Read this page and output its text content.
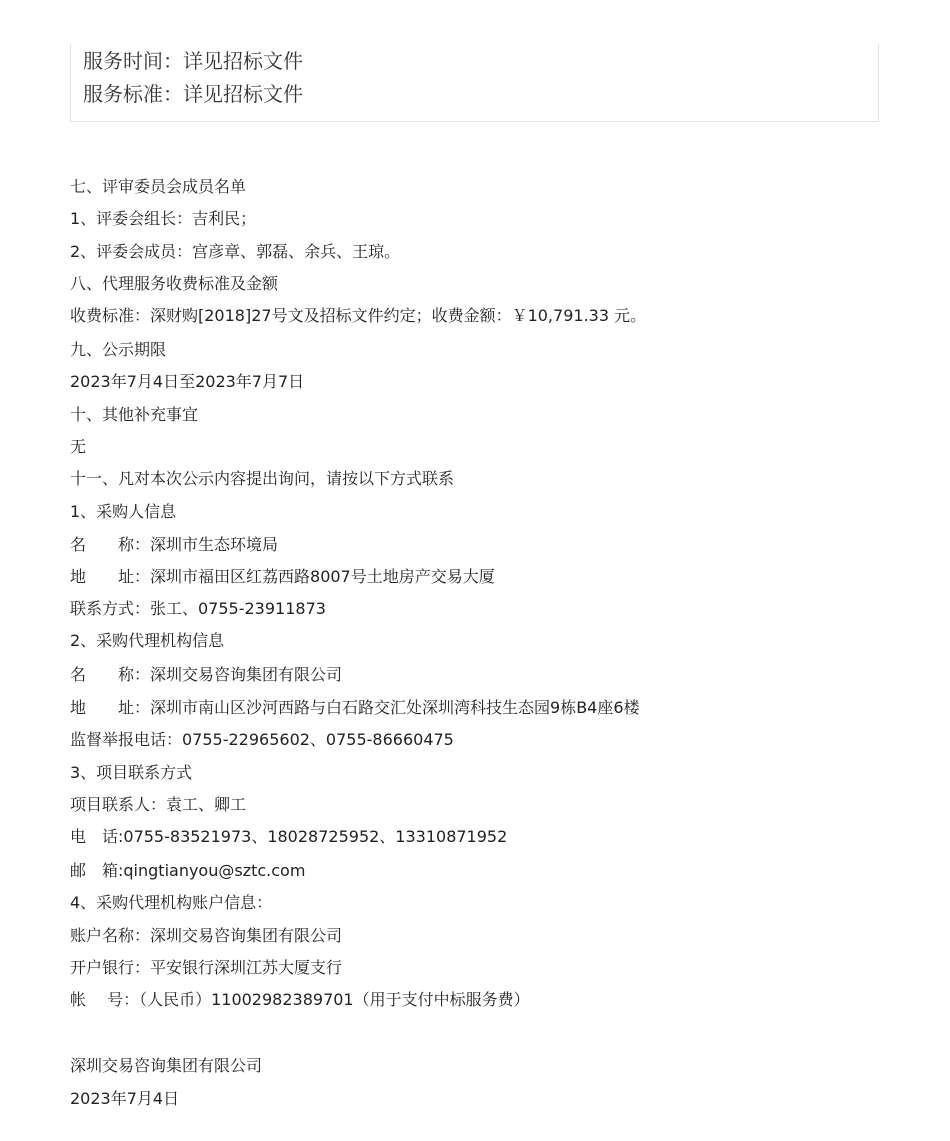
服务时间：详见招标文件
服务标准：详见招标文件
七、评审委员会成员名单
1、评委会组长：吉利民；
2、评委会成员：宫彦章、郭磊、余兵、王琼。
八、代理服务收费标准及金额
收费标准：深财购[2018]27号文及招标文件约定；收费金额：￥10,791.33 元。
九、公示期限
2023年7月4日至2023年7月7日
十、其他补充事宜
无
十一、凡对本次公示内容提出询问，请按以下方式联系
1、采购人信息
名　　称：深圳市生态环境局
地　　址：深圳市福田区红荔西路8007号土地房产交易大厦
联系方式：张工、0755-23911873
2、采购代理机构信息
名　　称：深圳交易咨询集团有限公司
地　　址：深圳市南山区沙河西路与白石路交汇处深圳湾科技生态园9栋B4座6楼
监督举报电话：0755-22965602、0755-86660475
3、项目联系方式
项目联系人：袁工、卿工
电　话:0755-83521973、18028725952、13310871952
邮　箱:qingtianyou@sztc.com
4、采购代理机构账户信息：
账户名称：深圳交易咨询集团有限公司
开户银行：平安银行深圳江苏大厦支行
帐　 号：（人民币）11002982389701（用于支付中标服务费）
深圳交易咨询集团有限公司
2023年7月4日
